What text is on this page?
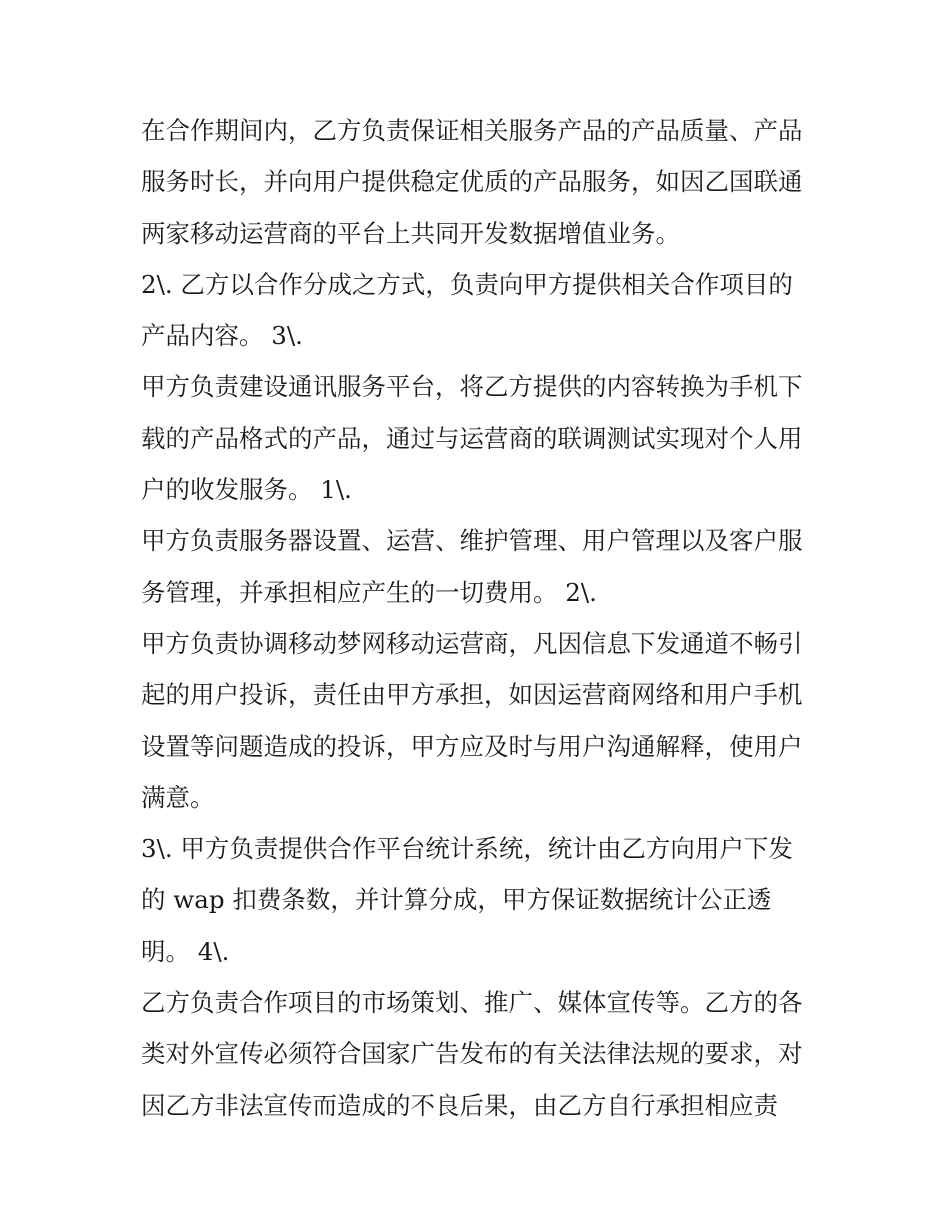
在合作期间内，乙方负责保证相关服务产品的产品质量、产品
服务时长，并向用户提供稳定优质的产品服务，如因乙国联通
两家移动运营商的平台上共同开发数据增值业务。
2\. 乙方以合作分成之方式，负责向甲方提供相关合作项目的
产品内容。 3\.
甲方负责建设通讯服务平台，将乙方提供的内容转换为手机下
载的产品格式的产品，通过与运营商的联调测试实现对个人用
户的收发服务。 1\.
甲方负责服务器设置、运营、维护管理、用户管理以及客户服
务管理，并承担相应产生的一切费用。 2\.
甲方负责协调移动梦网移动运营商，凡因信息下发通道不畅引
起的用户投诉，责任由甲方承担，如因运营商网络和用户手机
设置等问题造成的投诉，甲方应及时与用户沟通解释，使用户
满意。
3\. 甲方负责提供合作平台统计系统，统计由乙方向用户下发
的 wap 扣费条数，并计算分成，甲方保证数据统计公正透
明。 4\.
乙方负责合作项目的市场策划、推广、媒体宣传等。乙方的各
类对外宣传必须符合国家广告发布的有关法律法规的要求，对
因乙方非法宣传而造成的不良后果，由乙方自行承担相应责
